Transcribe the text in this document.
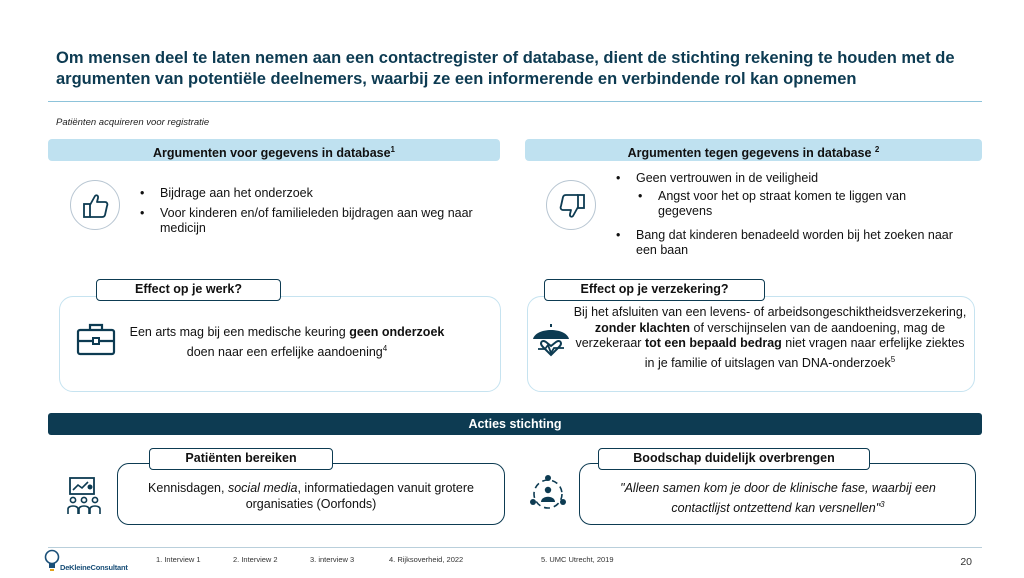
Om mensen deel te laten nemen aan een contactregister of database, dient de stichting rekening te houden met de argumenten van potentiële deelnemers, waarbij ze een informerende en verbindende rol kan opnemen
Patiënten acquireren voor registratie
Argumenten voor gegevens in database$^1$
• Bijdrage aan het onderzoek
• Voor kinderen en/of familieleden bijdragen aan weg naar medicijn
Argumenten tegen gegevens in database $^2$
• Geen vertrouwen in de veiligheid
• Angst voor het op straat komen te liggen van gegevens
• Bang dat kinderen benadeeld worden bij het zoeken naar een baan
Effect op je werk?
Een arts mag bij een medische keuring geen onderzoek doen naar een erfelijke aandoening$^4$
Effect op je verzekering?
Bij het afsluiten van een levens- of arbeidsongeschiktheidsverzekering, zonder klachten of verschijnselen van de aandoening, mag de verzekeraar tot een bepaald bedrag niet vragen naar erfelijke ziektes in je familie of uitslagen van DNA-onderzoek$^5$
Acties stichting
Patiënten bereiken
Kennisdagen, social media, informatiedagen vanuit grotere organisaties (Oorfonds)
Boodschap duidelijk overbrengen
"Alleen samen kom je door de klinische fase, waarbij een contactlijst ontzettend kan versnellen"$^3$
DeKleineConsultant
1. Interview 1	2. Interview 2	3. interview 3	4. Rijksoverheid, 2022	5. UMC Utrecht, 2019	20
